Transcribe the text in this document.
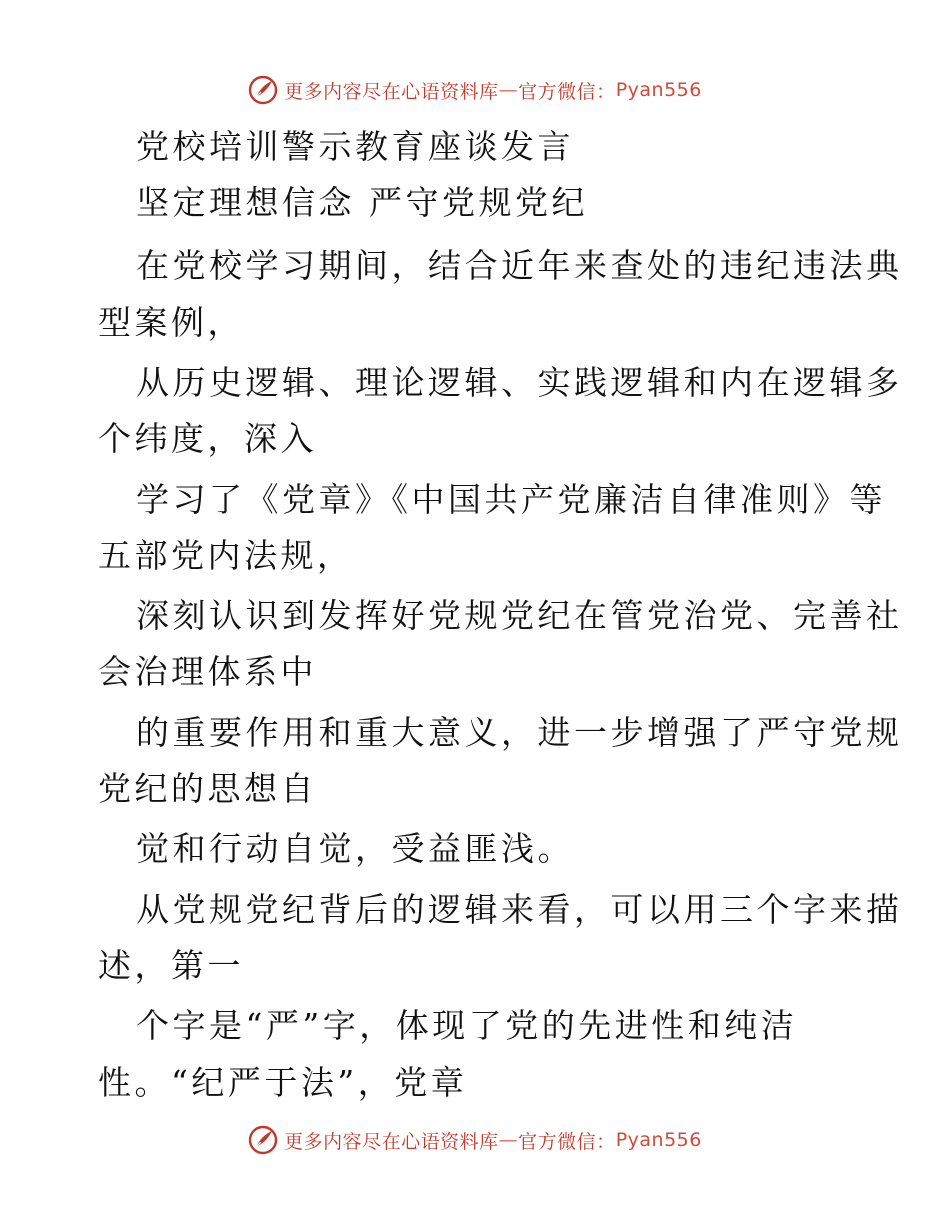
更多内容尽在心语资料库 — 官方微信： Pyan556
党校培训警示教育座谈发言
坚定理想信念 严守党规党纪
在党校学习期间，结合近年来查处的违纪违法典
型案例，
从历史逻辑、理论逻辑、实践逻辑和内在逻辑多
个纬度，深入
学习了《党章》《中国共产党廉洁自律准则》等
五部党内法规，
深刻认识到发挥好党规党纪在管党治党、完善社
会治理体系中
的重要作用和重大意义，进一步增强了严守党规
党纪的思想自
觉和行动自觉，受益匪浅。
从党规党纪背后的逻辑来看，可以用三个字来描
述，第一
个字是“严”字，体现了党的先进性和纯洁
性。“纪严于法”，党章
更多内容尽在心语资料库 — 官方微信： Pyan556
